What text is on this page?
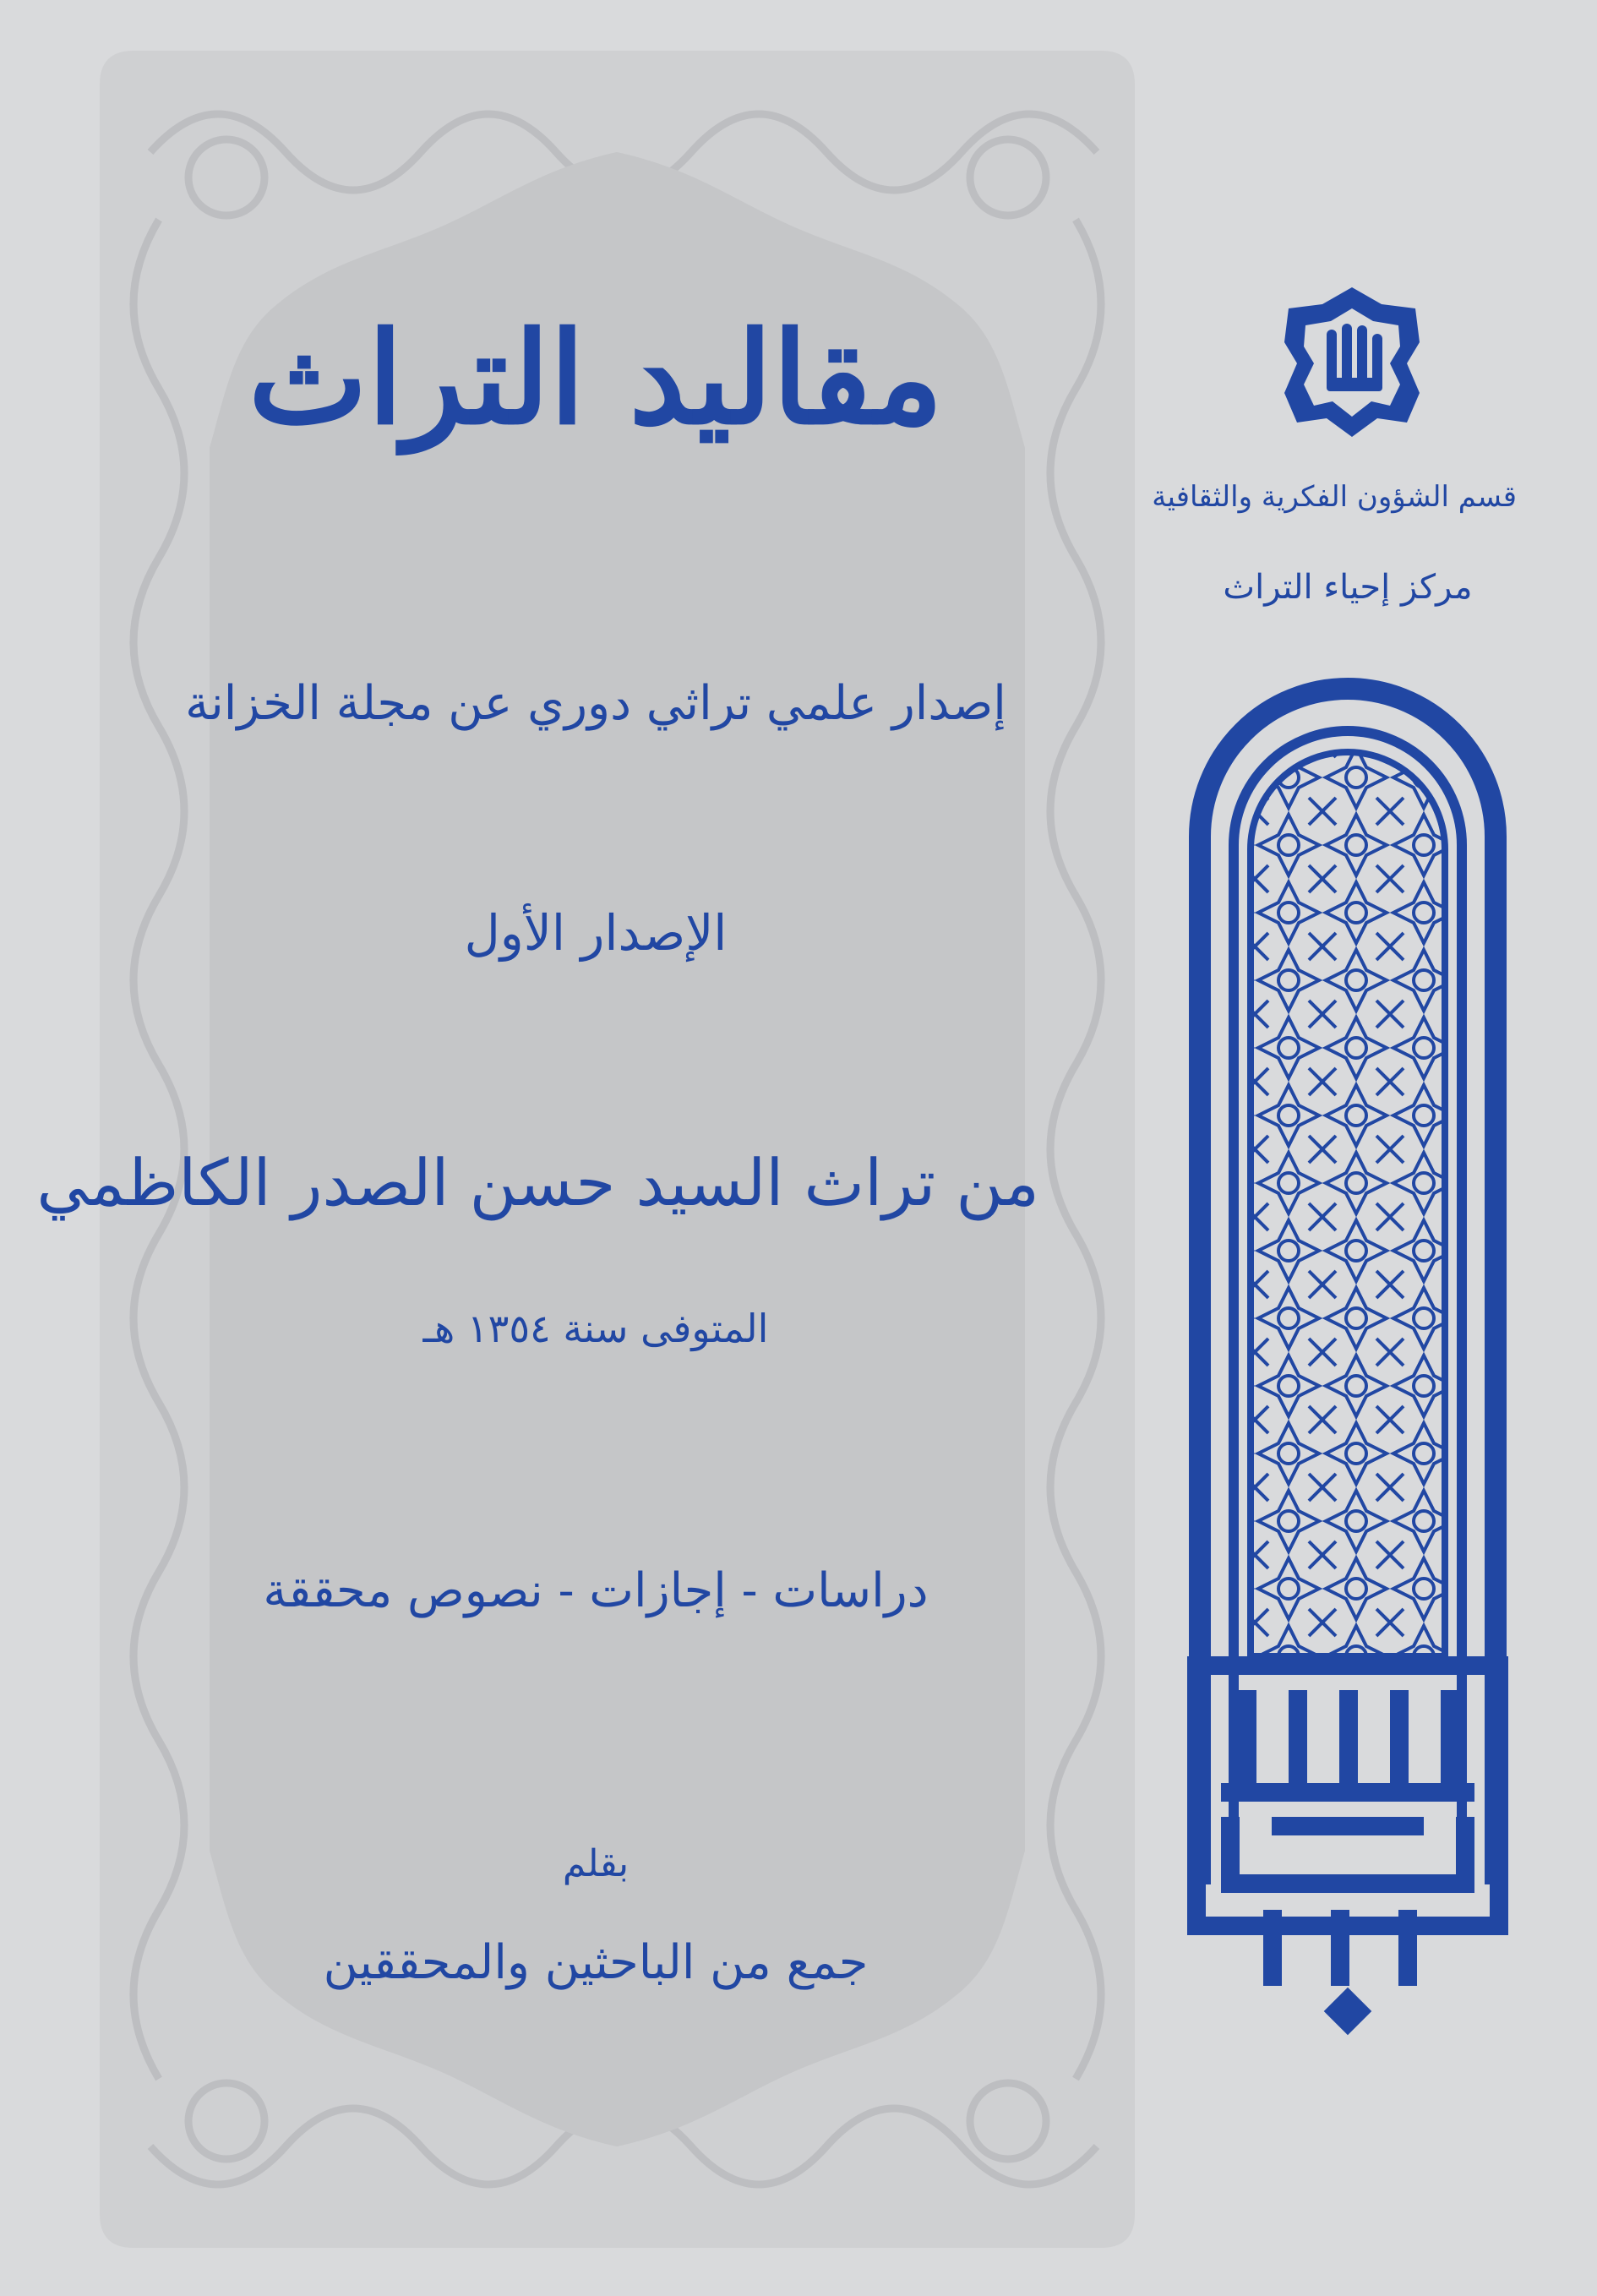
مقاليد التراث
إصدار علمي تراثي دوري عن مجلة الخزانة
الإصدار الأول
من تراث السيد حسن الصدر الكاظمي
المتوفى سنة ١٣٥٤ هـ
دراسات - إجازات - نصوص محققة
بقلم
جمع من الباحثين والمحققين
قسم الشؤون الفكرية والثقافية
مركز إحياء التراث
